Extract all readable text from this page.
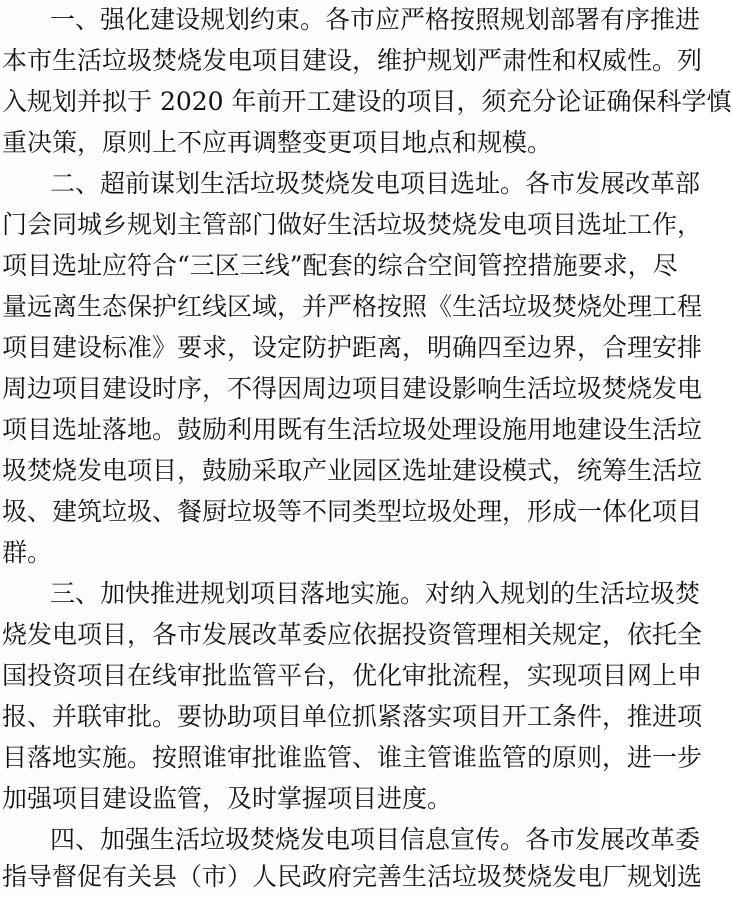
一、强化建设规划约束。各市应严格按照规划部署有序推进
本市生活垃圾焚烧发电项目建设，维护规划严肃性和权威性。列
入规划并拟于 2020 年前开工建设的项目，须充分论证确保科学慎
重决策，原则上不应再调整变更项目地点和规模。
二、超前谋划生活垃圾焚烧发电项目选址。各市发展改革部
门会同城乡规划主管部门做好生活垃圾焚烧发电项目选址工作，
项目选址应符合“三区三线”配套的综合空间管控措施要求，尽
量远离生态保护红线区域，并严格按照《生活垃圾焚烧处理工程
项目建设标准》要求，设定防护距离，明确四至边界，合理安排
周边项目建设时序，不得因周边项目建设影响生活垃圾焚烧发电
项目选址落地。鼓励利用既有生活垃圾处理设施用地建设生活垃
圾焚烧发电项目，鼓励采取产业园区选址建设模式，统筹生活垃
圾、建筑垃圾、餐厨垃圾等不同类型垃圾处理，形成一体化项目
群。
三、加快推进规划项目落地实施。对纳入规划的生活垃圾焚
烧发电项目，各市发展改革委应依据投资管理相关规定，依托全
国投资项目在线审批监管平台，优化审批流程，实现项目网上申
报、并联审批。要协助项目单位抓紧落实项目开工条件，推进项
目落地实施。按照谁审批谁监管、谁主管谁监管的原则，进一步
加强项目建设监管，及时掌握项目进度。
四、加强生活垃圾焚烧发电项目信息宣传。各市发展改革委
指导督促有关县（市）人民政府完善生活垃圾焚烧发电厂规划选
